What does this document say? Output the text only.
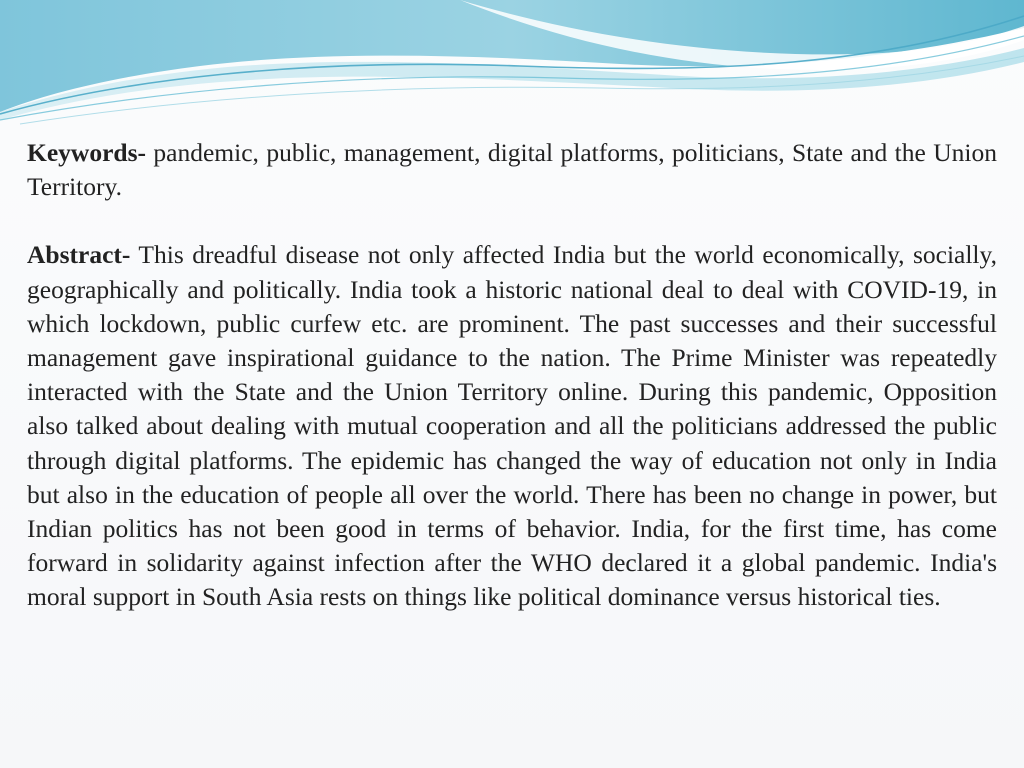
Keywords- pandemic, public, management, digital platforms, politicians, State and the Union Territory.

Abstract- This dreadful disease not only affected India but the world economically, socially, geographically and politically. India took a historic national deal to deal with COVID-19, in which lockdown, public curfew etc. are prominent. The past successes and their successful management gave inspirational guidance to the nation. The Prime Minister was repeatedly interacted with the State and the Union Territory online. During this pandemic, Opposition also talked about dealing with mutual cooperation and all the politicians addressed the public through digital platforms. The epidemic has changed the way of education not only in India but also in the education of people all over the world. There has been no change in power, but Indian politics has not been good in terms of behavior. India, for the first time, has come forward in solidarity against infection after the WHO declared it a global pandemic. India's moral support in South Asia rests on things like political dominance versus historical ties.
